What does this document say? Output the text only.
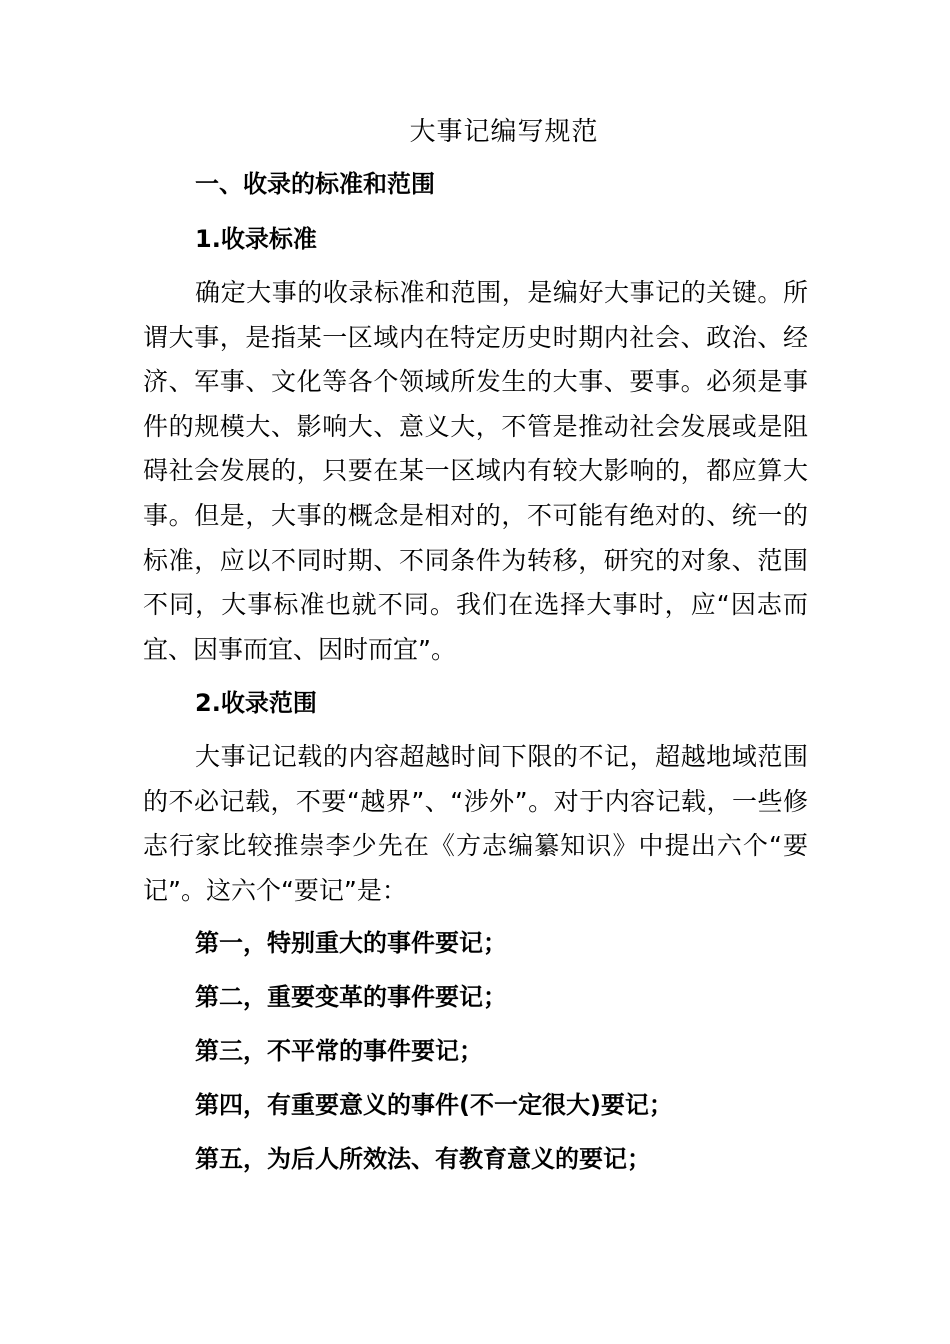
大事记编写规范
一、收录的标准和范围
1.收录标准

确定大事的收录标准和范围，是编好大事记的关键。所谓大事，是指某一区域内在特定历史时期内社会、政治、经济、军事、文化等各个领域所发生的大事、要事。必须是事件的规模大、影响大、意义大，不管是推动社会发展或是阻碍社会发展的，只要在某一区域内有较大影响的，都应算大事。但是，大事的概念是相对的，不可能有绝对的、统一的标准，应以不同时期、不同条件为转移，研究的对象、范围不同，大事标准也就不同。我们在选择大事时，应“因志而宜、因事而宜、因时而宜”。

2.收录范围

大事记记载的内容超越时间下限的不记，超越地域范围的不必记载，不要“越界”、“涉外”。对于内容记载，一些修志行家比较推崇李少先在《方志编纂知识》中提出六个“要记”。这六个“要记”是：

第一，特别重大的事件要记；
第二，重要变革的事件要记；
第三，不平常的事件要记；
第四，有重要意义的事件(不一定很大)要记；
第五，为后人所效法、有教育意义的要记；
